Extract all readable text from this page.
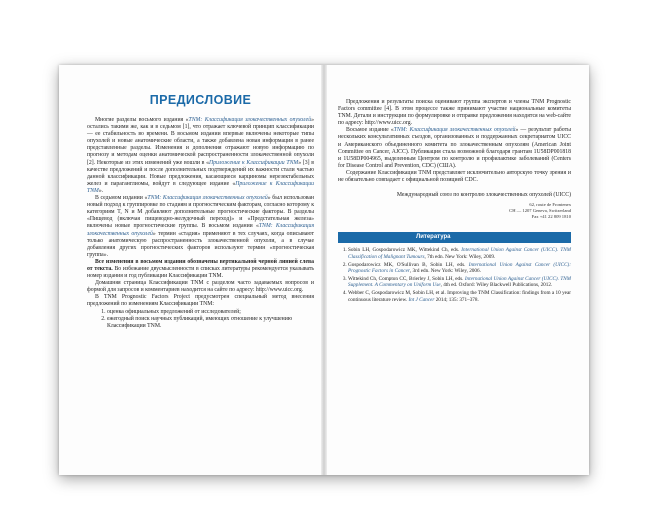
ПРЕДИСЛОВИЕ

Многие разделы восьмого издания «TNM: Классификация злокачественных опухолей» остались такими же, как и в седьмом [1], что отражает ключевой принцип классификации — ее стабильность во времени. В восьмом издании впервые включены некоторые типы опухолей и новые анатомические области, а также добавлена новая информация в ранее представленные разделы. Изменения и дополнения отражают новую информацию по прогнозу и методам оценки анатомической распространенности злокачественной опухоли [2]. Некоторые из этих изменений уже вошли в «Приложение к Классификации TNM» [3] в качестве предложений и после дополнительных подтверждений их важности стали частью данной классификации. Новые предложения, касающиеся карциномы нерезектабельных желез и параганглиомы, войдут в следующее издание «Приложение к Классификации TNM».

В седьмом издании «TNM: Классификация злокачественных опухолей» был использован новый подход к группировке по стадиям и прогностическим факторам, согласно которому к категориям T, N и M добавляют дополнительные прогностические факторы. В разделы «Пищевод (включая пищеводно-желудочный переход)» и «Предстательная железа» включены новые прогностические группы. В восьмом издании «TNM: Классификация злокачественных опухолей» термин «стадия» применяют в тех случаях, когда описывают только анатомическую распространенность злокачественной опухоли, а в случае добавления других прогностических факторов используют термин «прогностическая группа».

Все изменения в восьмом издании обозначены вертикальной черной линией слева от текста. Во избежание двусмысленности в списках литературы рекомендуется указывать номер издания и год публикации Классификации TNM.

Домашняя страница Классификации TNM с разделом часто задаваемых вопросов и формой для запросов и комментариев находится на сайте по адресу: http://www.uicc.org.

В TNM Prognostic Factors Project предусмотрен специальный метод внесения предложений по изменениям Классификации TNM:

1. оценка официальных предложений от исследователей;
2. ежегодный поиск научных публикаций, имеющих отношение к улучшению Классификации TNM.

Предложения и результаты поиска оценивают группа экспертов и члены TNM Prognostic Factors committee [4]. В этом процессе также принимают участие национальные комитеты TNM. Детали и инструкции по формулировке и отправке предложения находятся на web-сайте по адресу: http://www.uicc.org.

Восьмое издание «TNM: Классификация злокачественных опухолей» — результат работы нескольких консультативных съездов, организованных и поддержанных секретариатом UICC и Американского объединенного комитета по злокачественным опухолям (American Joint Committee on Cancer, AJCC). Публикация стала возможной благодаря грантам 1U58DP001818 и 1U58DP004965, выделенным Центром по контролю и профилактике заболеваний (Centers for Disease Control and Prevention, CDC) (США).

Содержание Классификации TNM представляет исключительно авторскую точку зрения и не обязательно совпадает с официальной позицией CDC.

Международный союз по контролю злокачественных опухолей (UICC)
62, route de Frontenex
CH — 1207 Geneva, Switzerland
Fax +41 22 809 1810
Литература
1. Sobin LH, Gospodarowicz MK, Wittekind Ch, eds. International Union Against Cancer (UICC). TNM Classification of Malignant Tumours, 7th edn. New York: Wiley, 2009.
2. Gospodarowicz MK, O'Sullivan B, Sobin LH, eds. International Union Against Cancer (UICC): Prognostic Factors in Cancer, 3rd edn. New York: Wiley, 2006.
3. Wittekind Ch, Compton CC, Brierley J, Sobin LH, eds. International Union Against Cancer (UICC). TNM Supplement. A Commentary on Uniform Use, 4th ed. Oxford: Wiley Blackwell Publications, 2012.
4. Webber C, Gospodarowicz M, Sobin LH, et al. Improving the TNM Classification: findings from a 10 year continuous literature review. Int J Cancer 2014; 135: 371–378.
